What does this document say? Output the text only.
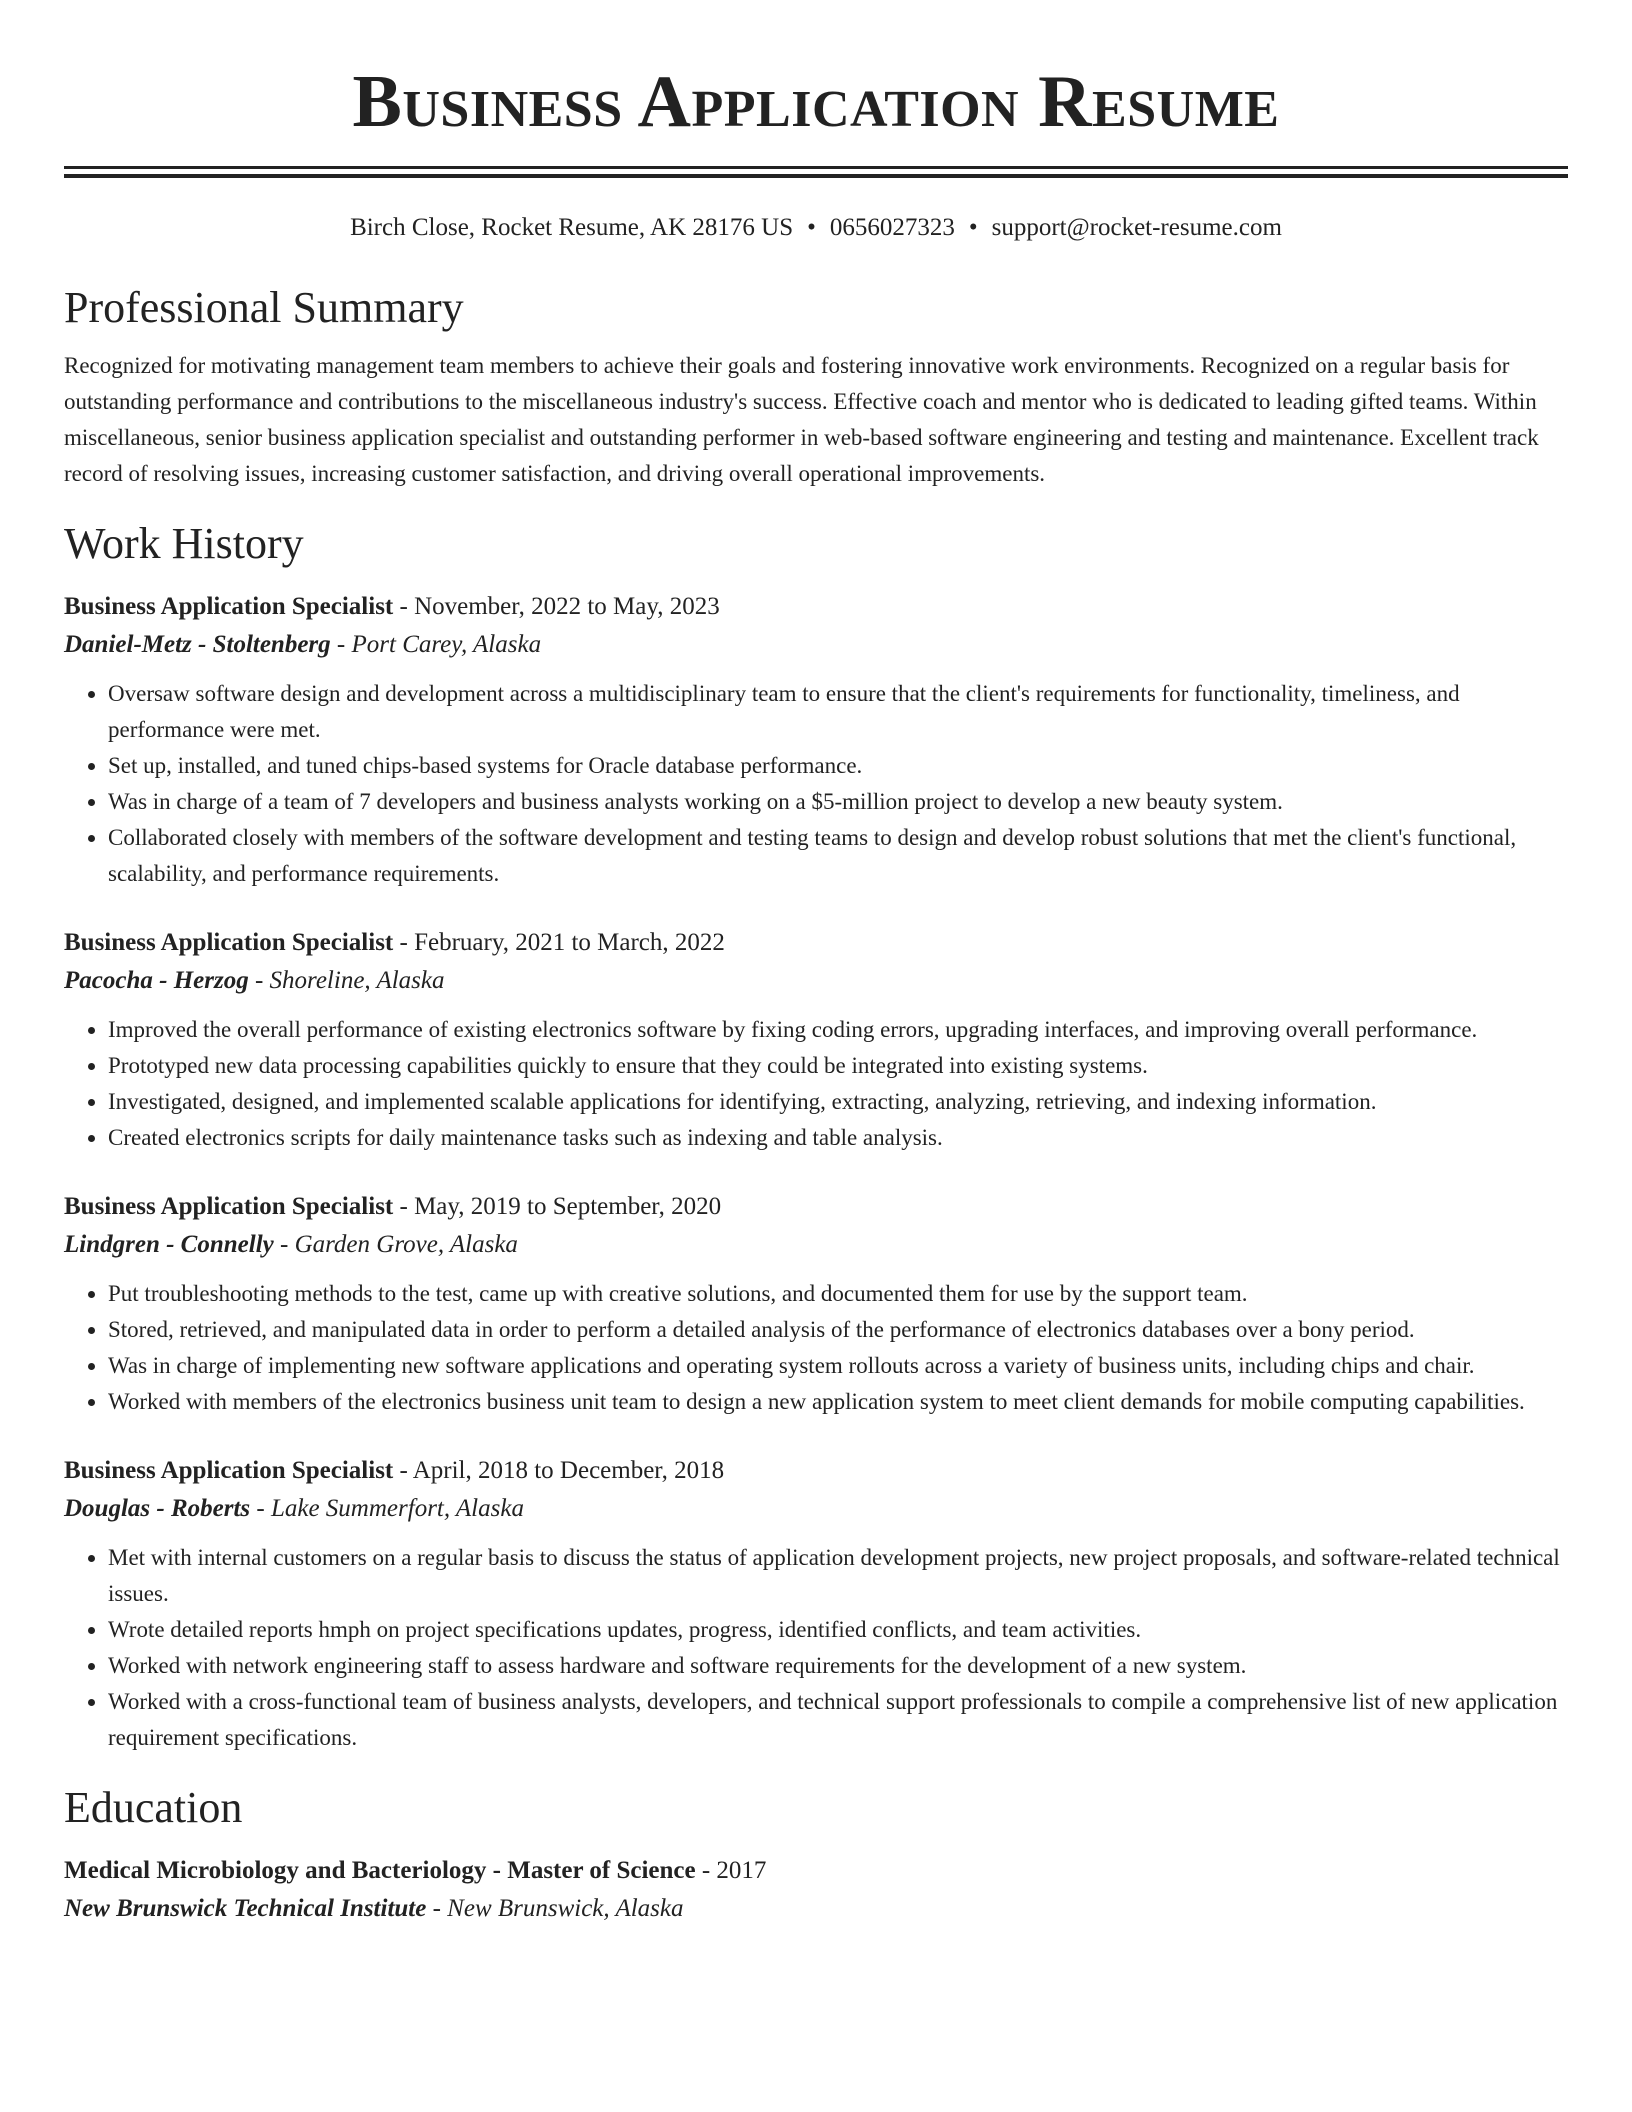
Business Application Resume
Birch Close, Rocket Resume, AK 28176 US • 0656027323 • support@rocket-resume.com
Professional Summary

Recognized for motivating management team members to achieve their goals and fostering innovative work environments. Recognized on a regular basis for outstanding performance and contributions to the miscellaneous industry's success. Effective coach and mentor who is dedicated to leading gifted teams. Within miscellaneous, senior business application specialist and outstanding performer in web-based software engineering and testing and maintenance. Excellent track record of resolving issues, increasing customer satisfaction, and driving overall operational improvements.

Work History
Business Application Specialist - November, 2022 to May, 2023
Daniel-Metz - Stoltenberg - Port Carey, Alaska
• Oversaw software design and development across a multidisciplinary team to ensure that the client's requirements for functionality, timeliness, and performance were met.
• Set up, installed, and tuned chips-based systems for Oracle database performance.
• Was in charge of a team of 7 developers and business analysts working on a $5-million project to develop a new beauty system.
• Collaborated closely with members of the software development and testing teams to design and develop robust solutions that met the client's functional, scalability, and performance requirements.
Business Application Specialist - February, 2021 to March, 2022
Pacocha - Herzog - Shoreline, Alaska
• Improved the overall performance of existing electronics software by fixing coding errors, upgrading interfaces, and improving overall performance.
• Prototyped new data processing capabilities quickly to ensure that they could be integrated into existing systems.
• Investigated, designed, and implemented scalable applications for identifying, extracting, analyzing, retrieving, and indexing information.
• Created electronics scripts for daily maintenance tasks such as indexing and table analysis.
Business Application Specialist - May, 2019 to September, 2020
Lindgren - Connelly - Garden Grove, Alaska
• Put troubleshooting methods to the test, came up with creative solutions, and documented them for use by the support team.
• Stored, retrieved, and manipulated data in order to perform a detailed analysis of the performance of electronics databases over a bony period.
• Was in charge of implementing new software applications and operating system rollouts across a variety of business units, including chips and chair.
• Worked with members of the electronics business unit team to design a new application system to meet client demands for mobile computing capabilities.
Business Application Specialist - April, 2018 to December, 2018
Douglas - Roberts - Lake Summerfort, Alaska
• Met with internal customers on a regular basis to discuss the status of application development projects, new project proposals, and software-related technical issues.
• Wrote detailed reports hmph on project specifications updates, progress, identified conflicts, and team activities.
• Worked with network engineering staff to assess hardware and software requirements for the development of a new system.
• Worked with a cross-functional team of business analysts, developers, and technical support professionals to compile a comprehensive list of new application requirement specifications.
Education
Medical Microbiology and Bacteriology - Master of Science - 2017
New Brunswick Technical Institute - New Brunswick, Alaska
